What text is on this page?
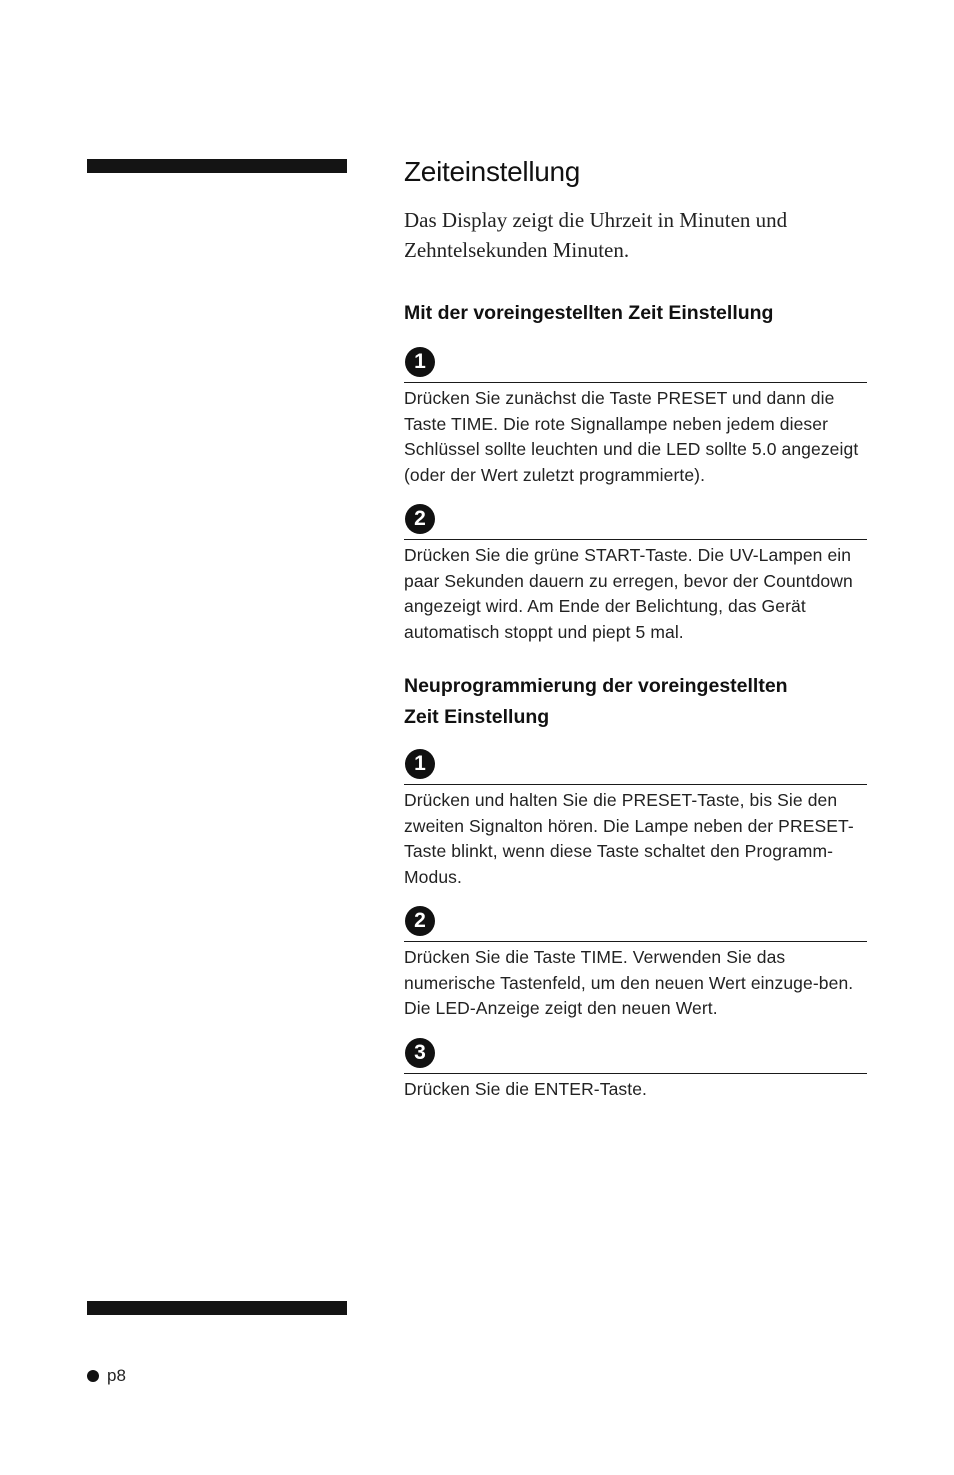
Zeiteinstellung

Das Display zeigt die Uhrzeit in Minuten und Zehntelsekunden Minuten.

Mit der voreingestellten Zeit Einstellung
1

Drücken Sie zunächst die Taste PRESET und dann die Taste TIME. Die rote Signallampe neben jedem dieser Schlüssel sollte leuchten und die LED sollte 5.0 angezeigt (oder der Wert zuletzt programmierte).

2

Drücken Sie die grüne START-Taste. Die UV-Lampen ein paar Sekunden dauern zu erregen, bevor der Countdown angezeigt wird. Am Ende der Belichtung, das Gerät automatisch stoppt und piept 5 mal.

Neuprogrammierung der voreingestellten
Zeit Einstellung
1

Drücken und halten Sie die PRESET-Taste, bis Sie den zweiten Signalton hören. Die Lampe neben der PRESET-Taste blinkt, wenn diese Taste schaltet den Programm-Modus.

2

Drücken Sie die Taste TIME. Verwenden Sie das numerische Tastenfeld, um den neuen Wert einzuge-ben. Die LED-Anzeige zeigt den neuen Wert.

3

Drücken Sie die ENTER-Taste.

p8
